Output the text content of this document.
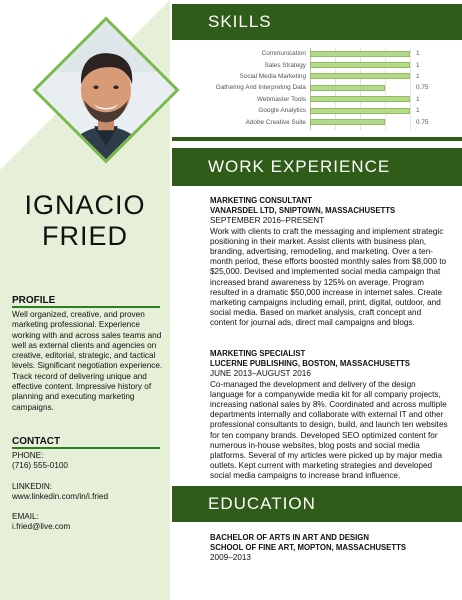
IGNACIO
FRIED
PROFILE
Well organized, creative, and proven marketing professional. Experience working with and across sales teams and well as external clients and agencies on creative, editorial, strategic, and tactical levels. Significant negotiation experience. Track record of delivering unique and effective content. Impressive history of planning and executing marketing campaigns.
CONTACT
PHONE:
(716) 555-0100
LINKEDIN:
www.linkedin.com/in/i.fried
EMAIL:
i.fried@live.com
SKILLS
Communication	1
Sales Strategy	1
Social Media Marketing	1
Gathering And Interpreting Data	0.75
Webmaster Tools	1
Google Analytics	1
Adobe Creative Suite	0.75
WORK EXPERIENCE
MARKETING CONSULTANT
VANARSDEL LTD, SNIPTOWN, MASSACHUSETTS
SEPTEMBER 2016–PRESENT
Work with clients to craft the messaging and implement strategic positioning in their market. Assist clients with business plan, branding, advertising, remodeling, and marketing. Over a ten-month period, these efforts boosted monthly sales from $8,000 to $25,000. Devised and implemented social media campaign that increased brand awareness by 125% on average. Program resulted in a dramatic $50,000 increase in internet sales. Create marketing campaigns including email, print, digital, outdoor, and social media. Based on market analysis, craft concept and content for journal ads, direct mail campaigns and blogs.
MARKETING SPECIALIST
LUCERNE PUBLISHING, BOSTON, MASSACHUSETTS
JUNE 2013–AUGUST 2016
Co-managed the development and delivery of the design language for a companywide media kit for all company projects, increasing national sales by 8%. Coordinated and across multiple departments internally and collaborate with external IT and other professional consultants to design, build, and launch ten websites for ten company brands. Developed SEO optimized content for numerous in-house websites, blog posts and social media platforms. Several of my articles were picked up by major media outlets. Kept current with marketing strategies and developed social media campaigns to increase brand influence.
EDUCATION
BACHELOR OF ARTS IN ART AND DESIGN
SCHOOL OF FINE ART, MOPTON, MASSACHUSETTS
2009–2013
